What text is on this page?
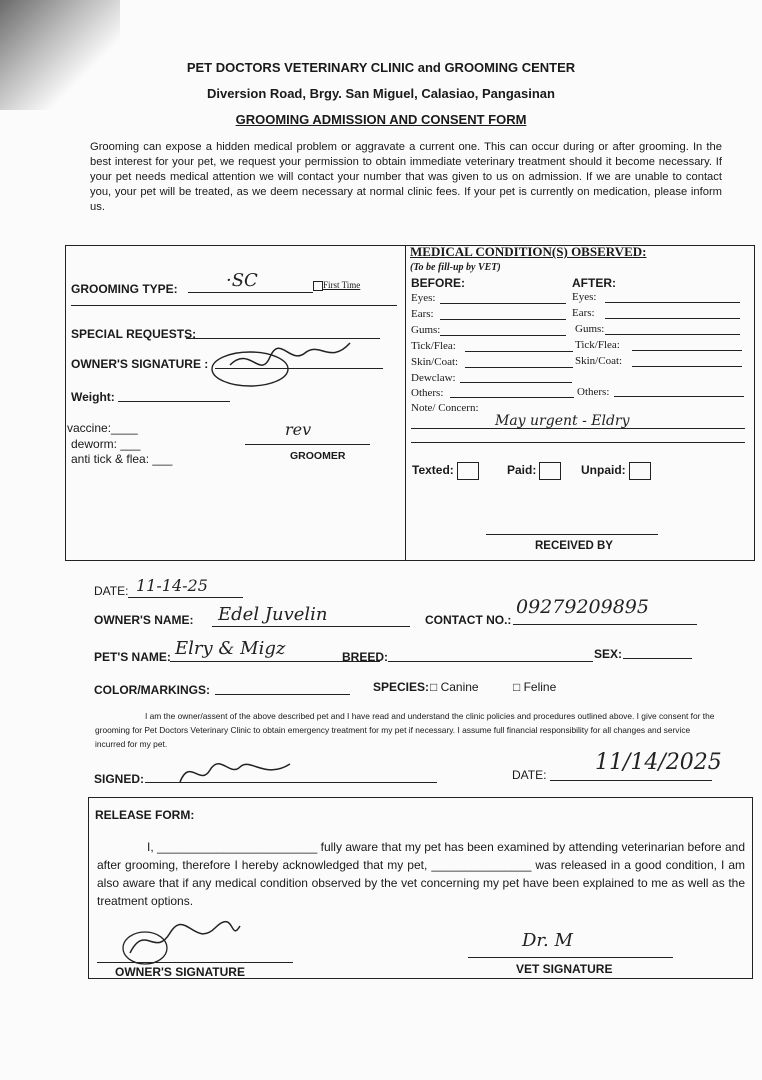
PET DOCTORS VETERINARY CLINIC and GROOMING CENTER
Diversion Road, Brgy. San Miguel, Calasiao, Pangasinan
GROOMING ADMISSION AND CONSENT FORM
Grooming can expose a hidden medical problem or aggravate a current one. This can occur during or after grooming. In the best interest for your pet, we request your permission to obtain immediate veterinary treatment should it become necessary. If your pet needs medical attention we will contact your number that was given to us on admission. If we are unable to contact you, your pet will be treated, as we deem necessary at normal clinic fees. If your pet is currently on medication, please inform us.
GROOMING TYPE:	·SC	First Time
SPECIAL REQUESTS:
OWNER'S SIGNATURE :
Weight:
vaccine:____
deworm: ___
anti tick & flea: ___
rev
GROOMER
MEDICAL CONDITION(S) OBSERVED:
(To be fill-up by VET)
BEFORE:	AFTER:
Eyes:	Eyes:
Ears:	Ears:
Gums:	Gums:
Tick/Flea:	Tick/Flea:
Skin/Coat:	Skin/Coat:
Dewclaw:
Others:	Others:
Note/ Concern:
May urgent - Eldry
Texted:	Paid:	Unpaid:
RECEIVED BY
DATE: 11-14-25
OWNER'S NAME: Edel Juvelin	CONTACT NO.:
09279209895
PET'S NAME: Elry & Migz	BREED:	SEX:
COLOR/MARKINGS:	SPECIES: □ Canine	□ Feline
I am the owner/assent of the above described pet and I have read and understand the clinic policies and procedures outlined above. I give consent for the grooming for Pet Doctors Veterinary Clinic to obtain emergency treatment for my pet if necessary. I assume full financial responsibility for all changes and service incurred for my pet.
SIGNED:	DATE: 11/14/2025
RELEASE FORM:
I, ________________________ fully aware that my pet has been examined by attending veterinarian before and after grooming, therefore I hereby acknowledged that my pet, _______________ was released in a good condition, I am also aware that if any medical condition observed by the vet concerning my pet have been explained to me as well as the treatment options.
OWNER'S SIGNATURE
Dr. M
VET SIGNATURE
